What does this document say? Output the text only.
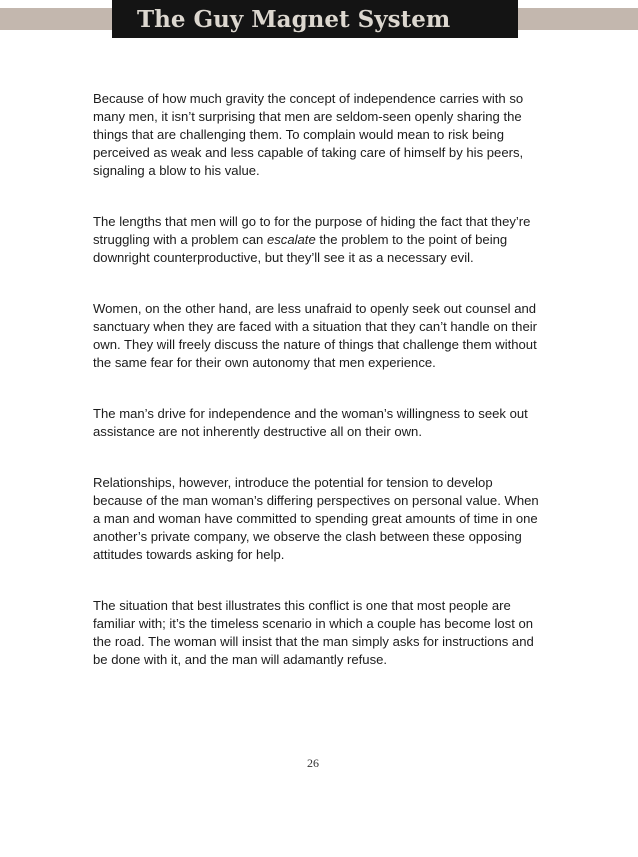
The Guy Magnet System

Because of how much gravity the concept of independence carries with so many men, it isn’t surprising that men are seldom-seen openly sharing the things that are challenging them. To complain would mean to risk being perceived as weak and less capable of taking care of himself by his peers, signaling a blow to his value.

The lengths that men will go to for the purpose of hiding the fact that they’re struggling with a problem can escalate the problem to the point of being downright counterproductive, but they’ll see it as a necessary evil.

Women, on the other hand, are less unafraid to openly seek out counsel and sanctuary when they are faced with a situation that they can’t handle on their own. They will freely discuss the nature of things that challenge them without the same fear for their own autonomy that men experience.

The man’s drive for independence and the woman’s willingness to seek out assistance are not inherently destructive all on their own.

Relationships, however, introduce the potential for tension to develop because of the man woman’s differing perspectives on personal value. When a man and woman have committed to spending great amounts of time in one another’s private company, we observe the clash between these opposing attitudes towards asking for help.

The situation that best illustrates this conflict is one that most people are familiar with; it’s the timeless scenario in which a couple has become lost on the road. The woman will insist that the man simply asks for instructions and be done with it, and the man will adamantly refuse.

26
